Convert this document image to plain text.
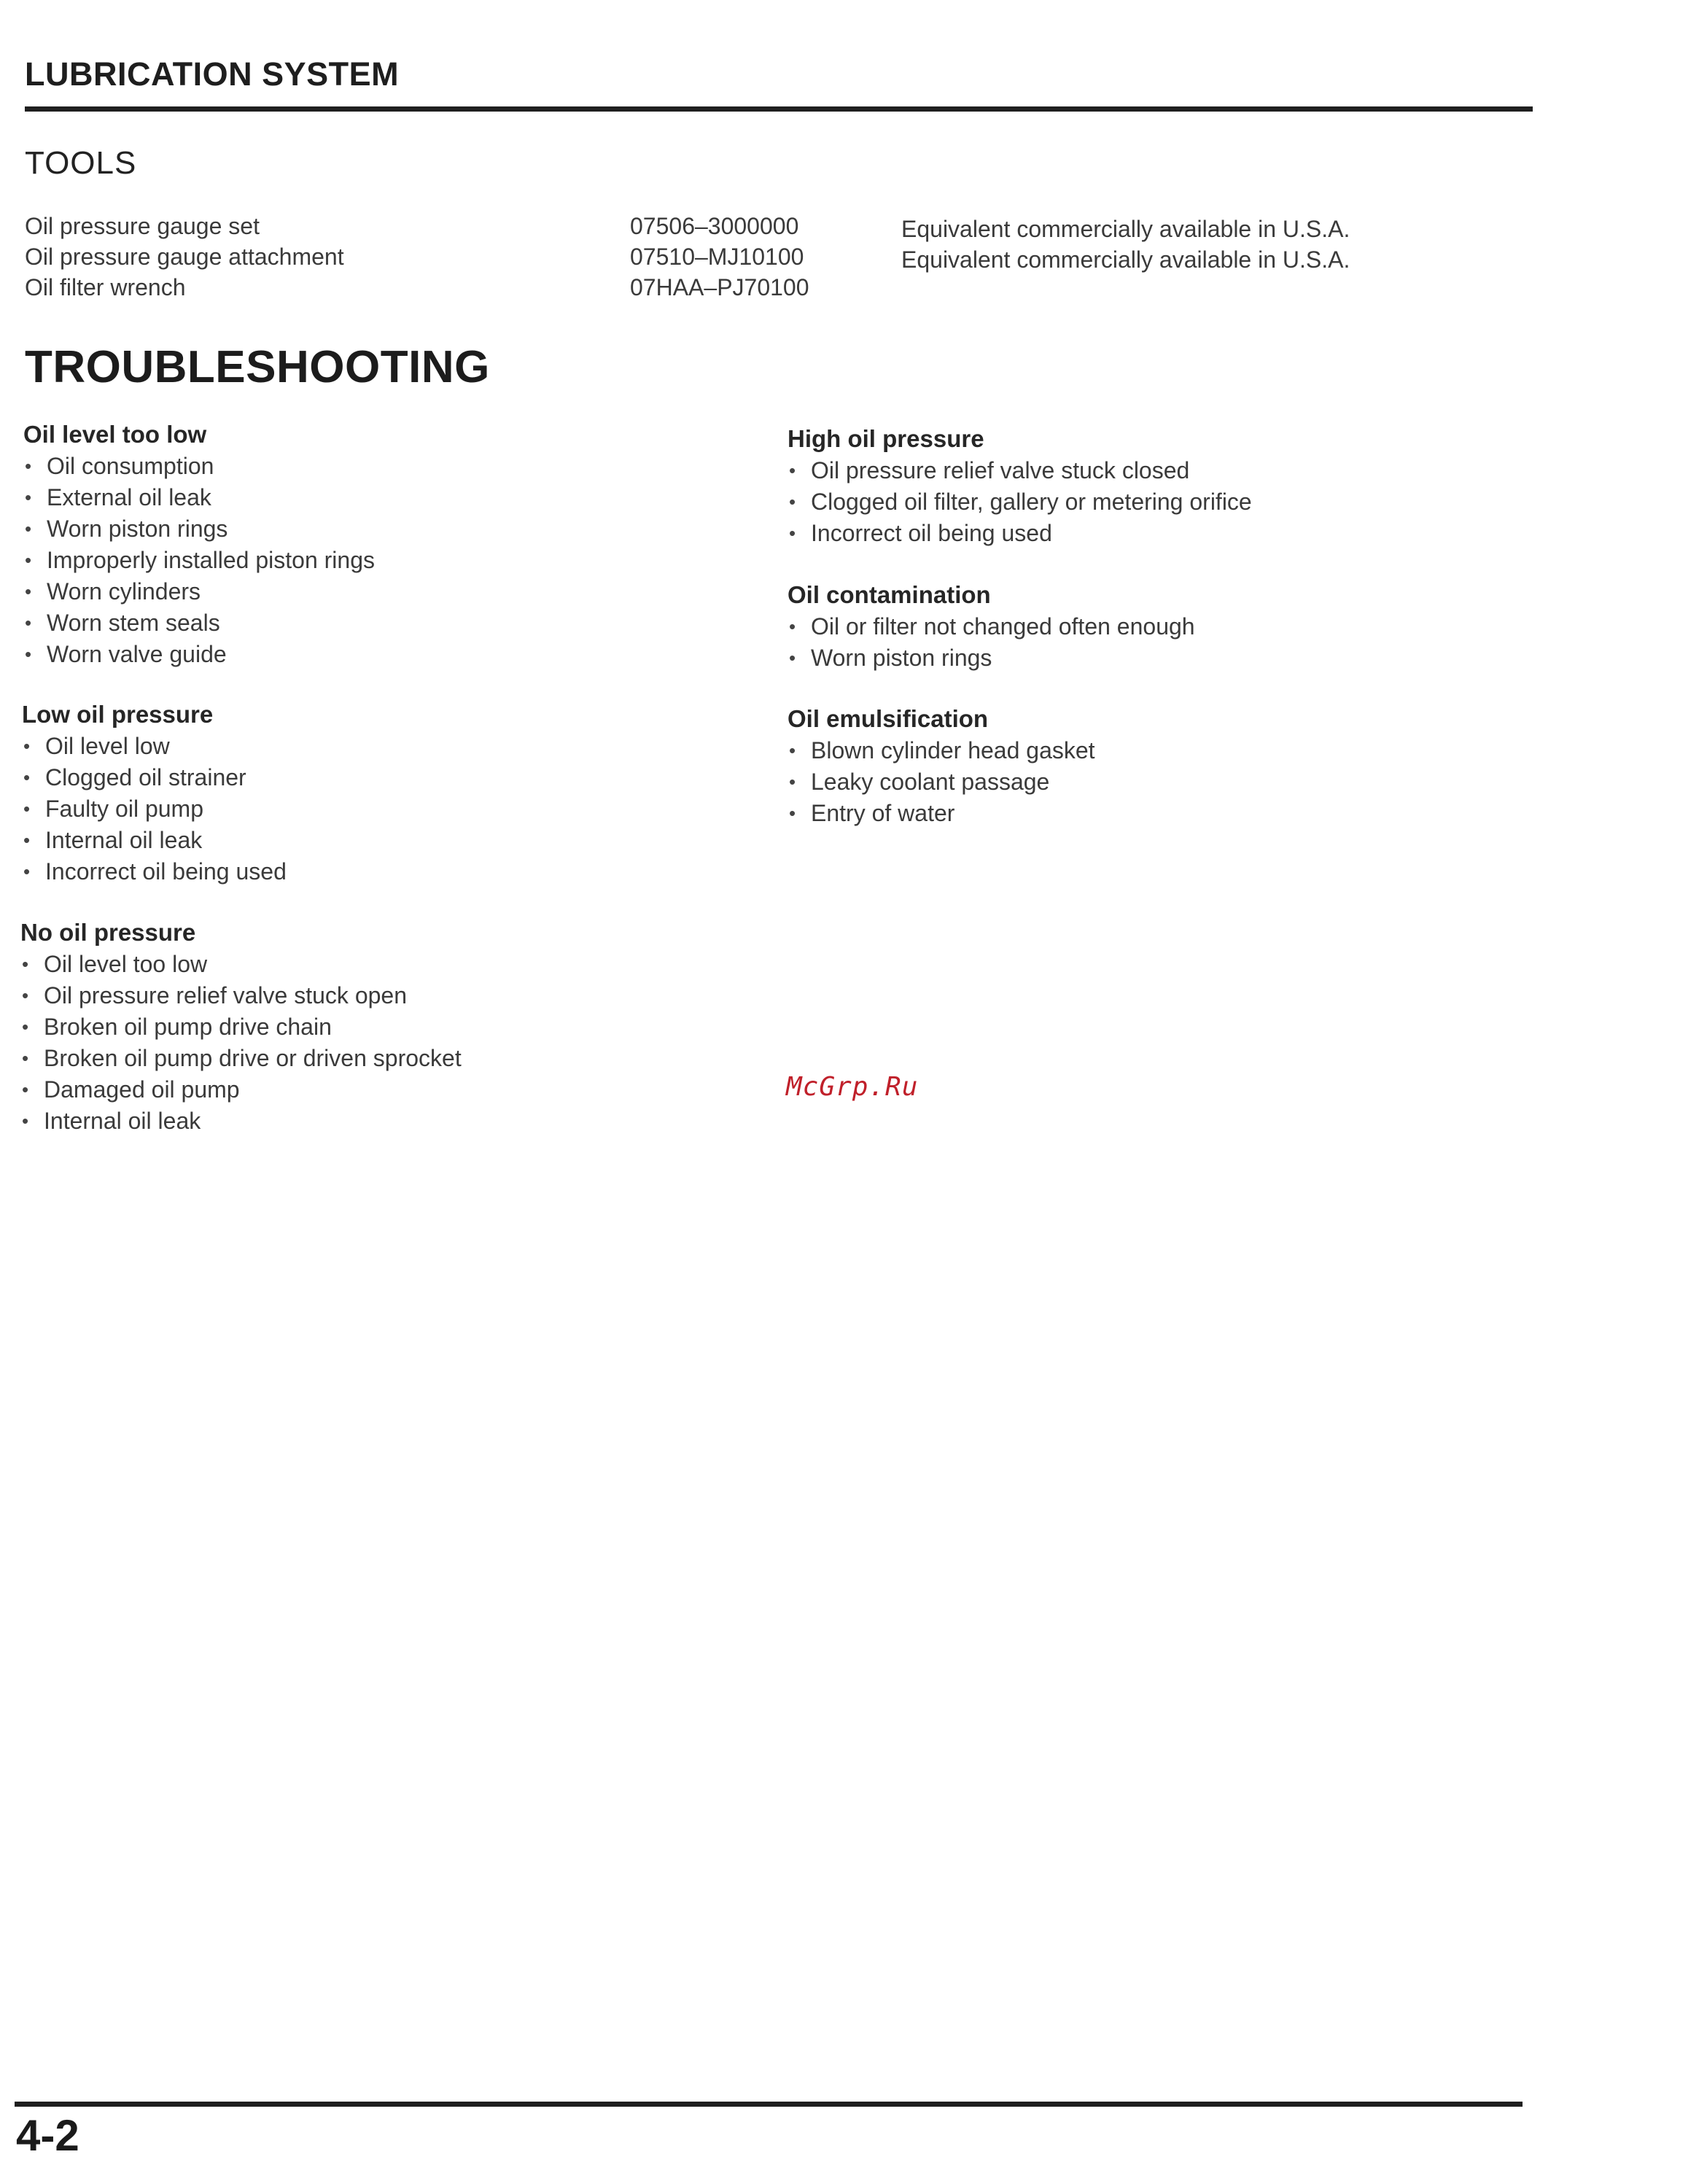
LUBRICATION SYSTEM
TOOLS
Oil pressure gauge set	07506–3000000	Equivalent commercially available in U.S.A.
Oil pressure gauge attachment	07510–MJ10100	Equivalent commercially available in U.S.A.
Oil filter wrench	07HAA–PJ70100
TROUBLESHOOTING
Oil level too low
• Oil consumption
• External oil leak
• Worn piston rings
• Improperly installed piston rings
• Worn cylinders
• Worn stem seals
• Worn valve guide
Low oil pressure
• Oil level low
• Clogged oil strainer
• Faulty oil pump
• Internal oil leak
• Incorrect oil being used
No oil pressure
• Oil level too low
• Oil pressure relief valve stuck open
• Broken oil pump drive chain
• Broken oil pump drive or driven sprocket
• Damaged oil pump
• Internal oil leak
High oil pressure
• Oil pressure relief valve stuck closed
• Clogged oil filter, gallery or metering orifice
• Incorrect oil being used
Oil contamination
• Oil or filter not changed often enough
• Worn piston rings
Oil emulsification
• Blown cylinder head gasket
• Leaky coolant passage
• Entry of water
McGrp.Ru
4-2
